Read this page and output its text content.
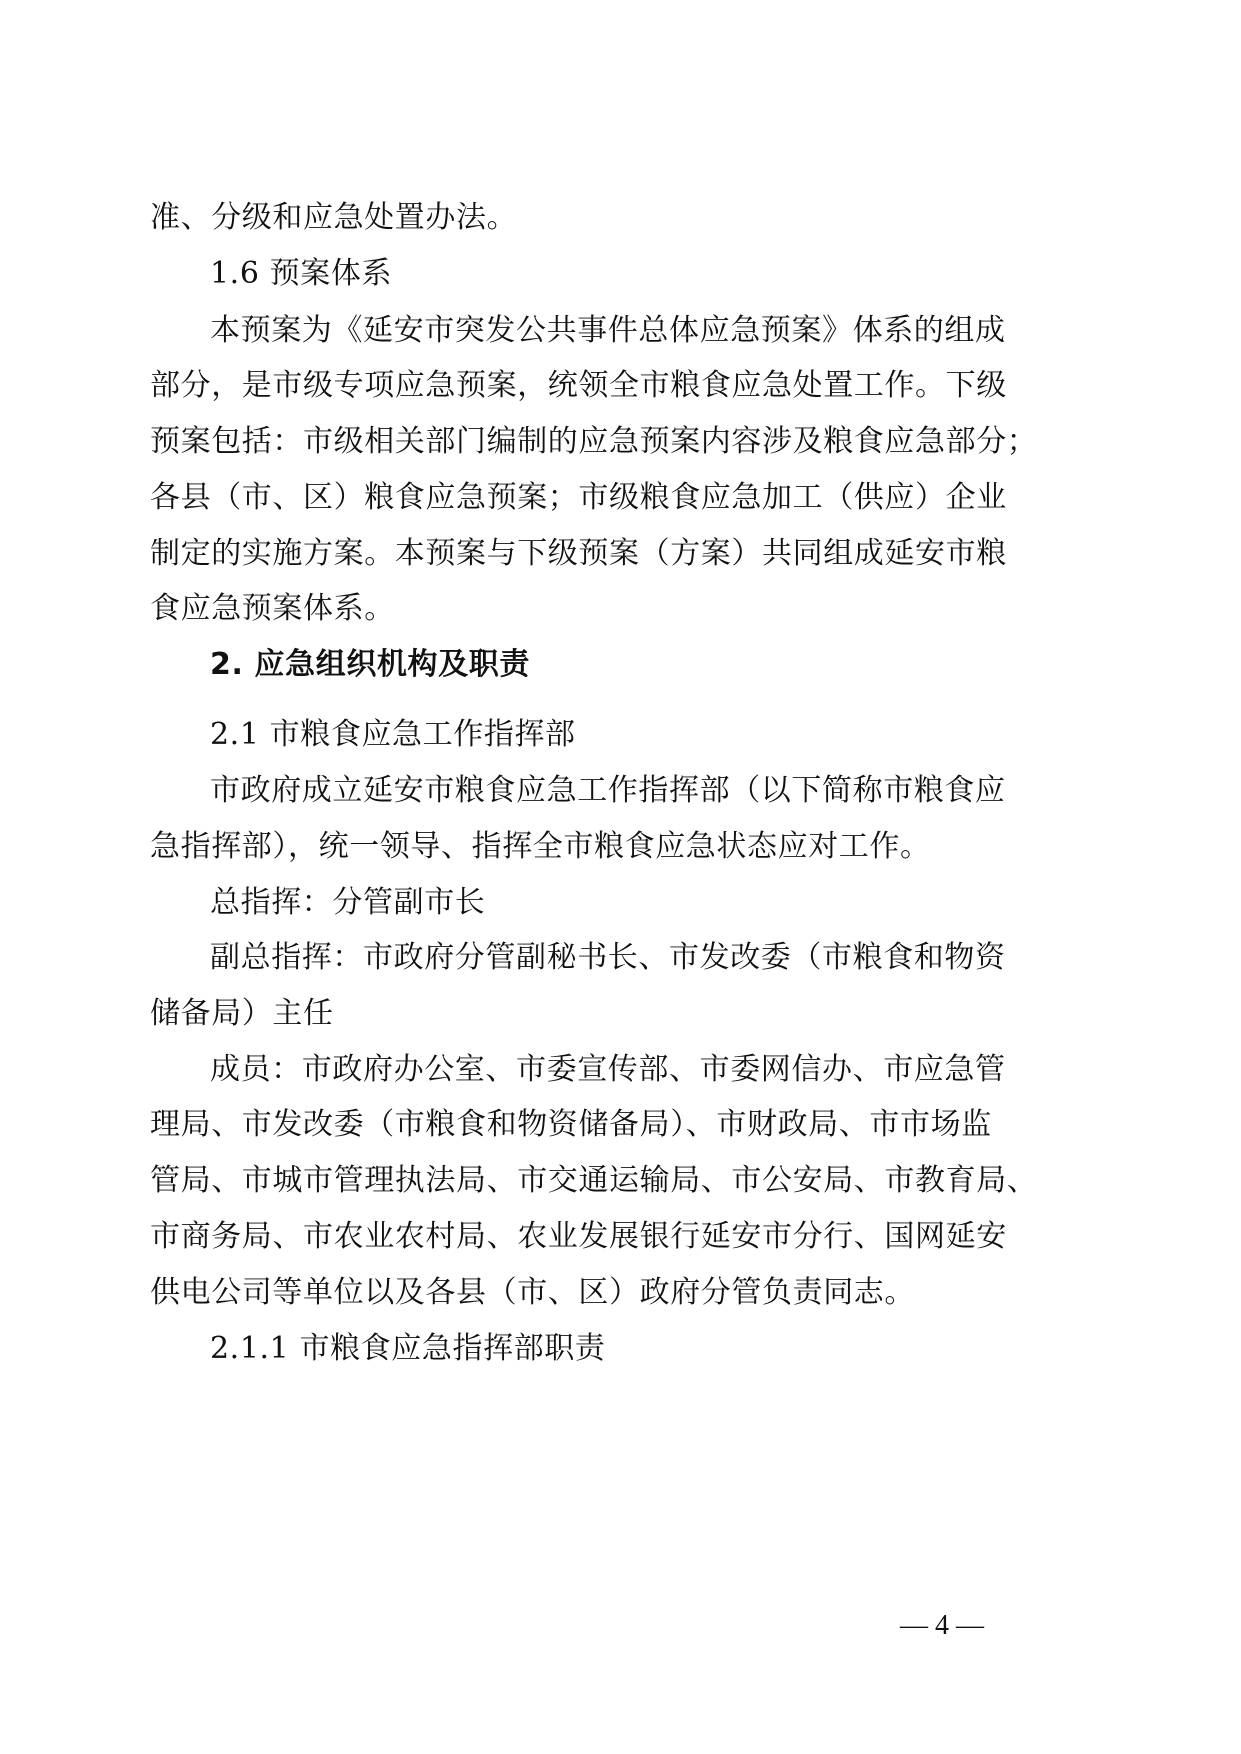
准、分级和应急处置办法。
1.6 预案体系
本预案为《延安市突发公共事件总体应急预案》体系的组成
部分，是市级专项应急预案，统领全市粮食应急处置工作。下级
预案包括：市级相关部门编制的应急预案内容涉及粮食应急部分；
各县（市、区）粮食应急预案；市级粮食应急加工（供应）企业
制定的实施方案。本预案与下级预案（方案）共同组成延安市粮
食应急预案体系。
2. 应急组织机构及职责
2.1 市粮食应急工作指挥部
市政府成立延安市粮食应急工作指挥部（以下简称市粮食应
急指挥部），统一领导、指挥全市粮食应急状态应对工作。
总指挥：分管副市长
副总指挥：市政府分管副秘书长、市发改委（市粮食和物资
储备局）主任
成员：市政府办公室、市委宣传部、市委网信办、市应急管
理局、市发改委（市粮食和物资储备局）、市财政局、市市场监
管局、市城市管理执法局、市交通运输局、市公安局、市教育局、
市商务局、市农业农村局、农业发展银行延安市分行、国网延安
供电公司等单位以及各县（市、区）政府分管负责同志。
2.1.1 市粮食应急指挥部职责
— 4 —
